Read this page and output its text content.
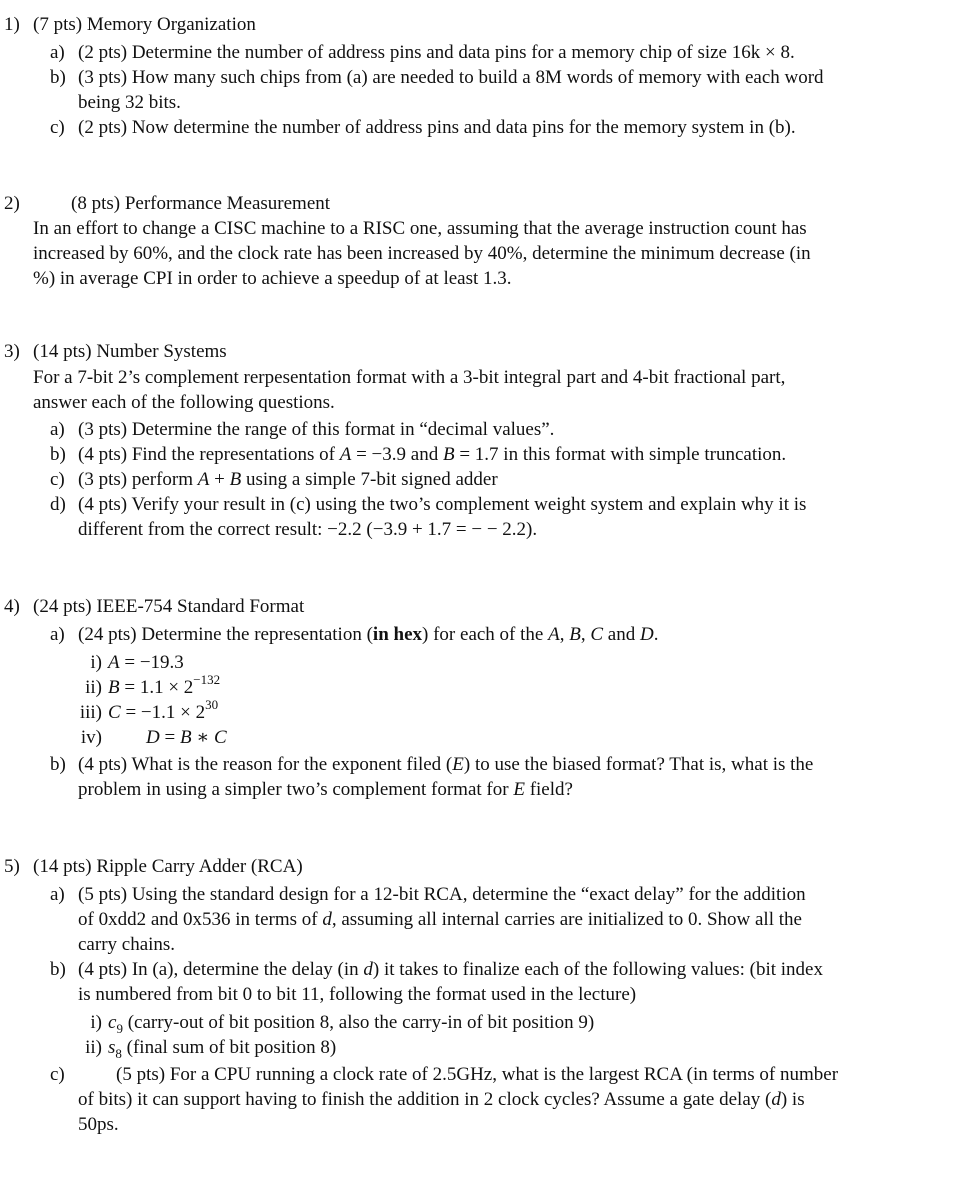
1) (7 pts) Memory Organization
a) (2 pts) Determine the number of address pins and data pins for a memory chip of size 16k × 8.
b) (3 pts) How many such chips from (a) are needed to build a 8M words of memory with each word
being 32 bits.
c) (2 pts) Now determine the number of address pins and data pins for the memory system in (b).
2)	(8 pts) Performance Measurement
In an effort to change a CISC machine to a RISC one, assuming that the average instruction count has
increased by 60%, and the clock rate has been increased by 40%, determine the minimum decrease (in
%) in average CPI in order to achieve a speedup of at least 1.3.
3) (14 pts) Number Systems
For a 7-bit 2’s complement rerpesentation format with a 3-bit integral part and 4-bit fractional part,
answer each of the following questions.
a) (3 pts) Determine the range of this format in “decimal values”.
b) (4 pts) Find the representations of A = −3.9 and B = 1.7 in this format with simple truncation.
c) (3 pts) perform A + B using a simple 7-bit signed adder
d) (4 pts) Verify your result in (c) using the two’s complement weight system and explain why it is
different from the correct result: −2.2 (−3.9 + 1.7 = − − 2.2).
4) (24 pts) IEEE-754 Standard Format
a) (24 pts) Determine the representation (in hex) for each of the A, B, C and D.
i) A = −19.3
ii) $B = 1.1 \times 2^{-132}$
iii) $C = -1.1 \times 2^{30}$
iv) D = B ∗ C
b) (4 pts) What is the reason for the exponent filed (E) to use the biased format? That is, what is the
problem in using a simpler two’s complement format for E field?
5) (14 pts) Ripple Carry Adder (RCA)
a) (5 pts) Using the standard design for a 12-bit RCA, determine the “exact delay” for the addition
of 0xdd2 and 0x536 in terms of d, assuming all internal carries are initialized to 0. Show all the
carry chains.
b) (4 pts) In (a), determine the delay (in d) it takes to finalize each of the following values: (bit index
is numbered from bit 0 to bit 11, following the format used in the lecture)
i) $c_9$ (carry-out of bit position 8, also the carry-in of bit position 9)
ii) $s_8$ (final sum of bit position 8)
c)	(5 pts) For a CPU running a clock rate of 2.5GHz, what is the largest RCA (in terms of number
of bits) it can support having to finish the addition in 2 clock cycles? Assume a gate delay (d) is
50ps.
